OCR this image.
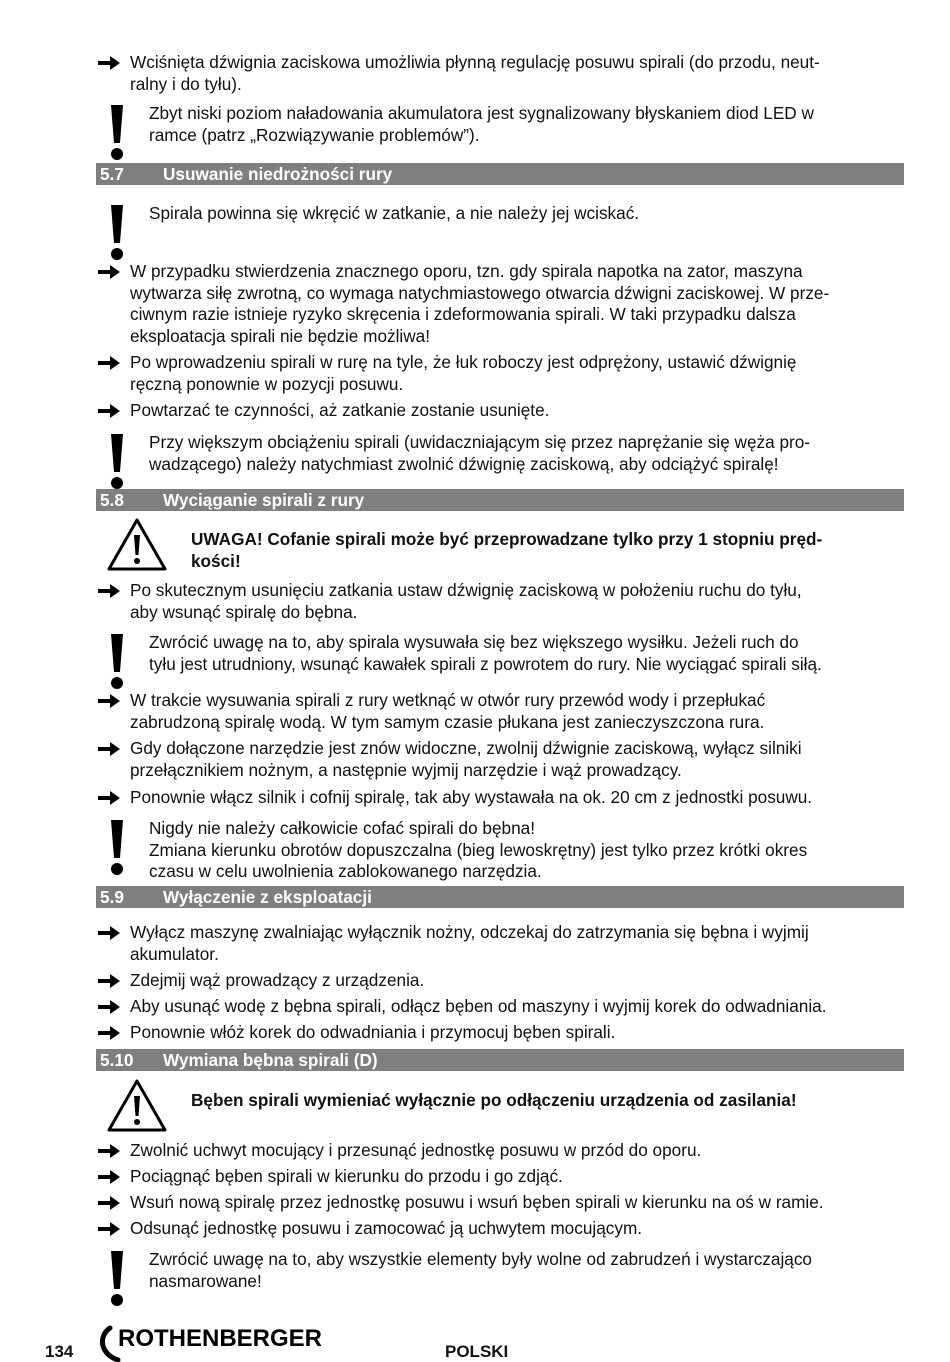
Wciśnięta dźwignia zaciskowa umożliwia płynną regulację posuwu spirali (do przodu, neut-
ralny i do tyłu).
Zbyt niski poziom naładowania akumulatora jest sygnalizowany błyskaniem diod LED w
ramce (patrz „Rozwiązywanie problemów”).
5.7 Usuwanie niedrożności rury
Spirala powinna się wkręcić w zatkanie, a nie należy jej wciskać.
W przypadku stwierdzenia znacznego oporu, tzn. gdy spirala napotka na zator, maszyna
wytwarza siłę zwrotną, co wymaga natychmiastowego otwarcia dźwigni zaciskowej. W prze-
ciwnym razie istnieje ryzyko skręcenia i zdeformowania spirali. W taki przypadku dalsza
eksploatacja spirali nie będzie możliwa!
Po wprowadzeniu spirali w rurę na tyle, że łuk roboczy jest odprężony, ustawić dźwignię
ręczną ponownie w pozycji posuwu.
Powtarzać te czynności, aż zatkanie zostanie usunięte.
Przy większym obciążeniu spirali (uwidaczniającym się przez naprężanie się węża pro-
wadzącego) należy natychmiast zwolnić dźwignię zaciskową, aby odciążyć spiralę!
5.8 Wyciąganie spirali z rury
UWAGA! Cofanie spirali może być przeprowadzane tylko przy 1 stopniu pręd-
kości!
Po skutecznym usunięciu zatkania ustaw dźwignię zaciskową w położeniu ruchu do tyłu,
aby wsunąć spiralę do bębna.
Zwrócić uwagę na to, aby spirala wysuwała się bez większego wysiłku. Jeżeli ruch do
tyłu jest utrudniony, wsunąć kawałek spirali z powrotem do rury. Nie wyciągać spirali siłą.
W trakcie wysuwania spirali z rury wetknąć w otwór rury przewód wody i przepłukać
zabrudzoną spiralę wodą. W tym samym czasie płukana jest zanieczyszczona rura.
Gdy dołączone narzędzie jest znów widoczne, zwolnij dźwignie zaciskową, wyłącz silniki
przełącznikiem nożnym, a następnie wyjmij narzędzie i wąż prowadzący.
Ponownie włącz silnik i cofnij spiralę, tak aby wystawała na ok. 20 cm z jednostki posuwu.
Nigdy nie należy całkowicie cofać spirali do bębna!
Zmiana kierunku obrotów dopuszczalna (bieg lewoskrętny) jest tylko przez krótki okres
czasu w celu uwolnienia zablokowanego narzędzia.
5.9 Wyłączenie z eksploatacji
Wyłącz maszynę zwalniając wyłącznik nożny, odczekaj do zatrzymania się bębna i wyjmij
akumulator.
Zdejmij wąż prowadzący z urządzenia.
Aby usunąć wodę z bębna spirali, odłącz bęben od maszyny i wyjmij korek do odwadniania.
Ponownie włóż korek do odwadniania i przymocuj bęben spirali.
5.10 Wymiana bębna spirali (D)
Bęben spirali wymieniać wyłącznie po odłączeniu urządzenia od zasilania!
Zwolnić uchwyt mocujący i przesunąć jednostkę posuwu w przód do oporu.
Pociągnąć bęben spirali w kierunku do przodu i go zdjąć.
Wsuń nową spiralę przez jednostkę posuwu i wsuń bęben spirali w kierunku na oś w ramie.
Odsunąć jednostkę posuwu i zamocować ją uchwytem mocującym.
Zwrócić uwagę na to, aby wszystkie elementy były wolne od zabrudzeń i wystarczająco
nasmarowane!
134 ROTHENBERGER	POLSKI
